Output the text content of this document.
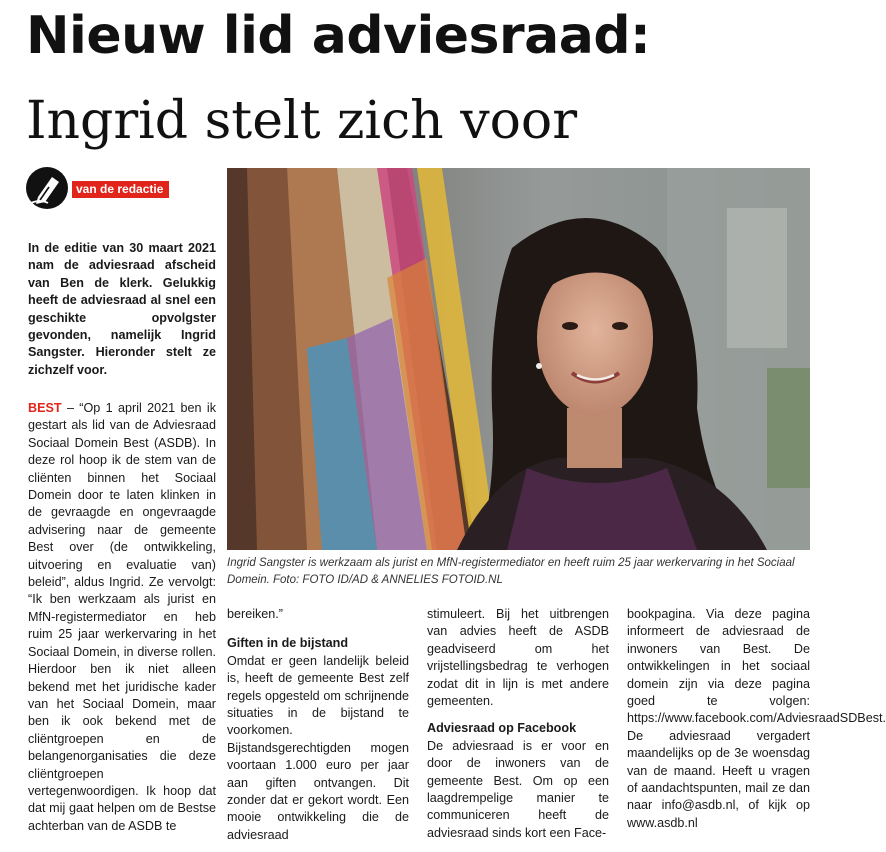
Nieuw lid adviesraad:
Ingrid stelt zich voor
van de redactie
Ingrid Sangster is werkzaam als jurist en MfN-registermediator en heeft ruim 25 jaar werkervaring in het Sociaal Domein. Foto: FOTO ID/AD & ANNELIES FOTOID.NL
In de editie van 30 maart 2021 nam de adviesraad afscheid van Ben de klerk. Gelukkig heeft de adviesraad al snel een geschikte opvolgster gevonden, namelijk Ingrid Sangster. Hieronder stelt ze zichzelf voor.

BEST – “Op 1 april 2021 ben ik gestart als lid van de Adviesraad Sociaal Domein Best (ASDB). In deze rol hoop ik de stem van de cliënten binnen het Sociaal Domein door te laten klinken in de gevraagde en ongevraagde advisering naar de gemeente Best over (de ontwikkeling, uitvoering en evaluatie van) beleid”, aldus Ingrid. Ze vervolgt: “Ik ben werkzaam als jurist en MfN-registermediator en heb ruim 25 jaar werkervaring in het Sociaal Domein, in diverse rollen. Hierdoor ben ik niet alleen bekend met het juridische kader van het Sociaal Domein, maar ben ik ook bekend met de cliëntgroepen en de belangenorganisaties die deze cliëntgroepen vertegenwoordigen. Ik hoop dat dat mij gaat helpen om de Bestse achterban van de ASDB te

bereiken.”

Giften in de bijstand

Omdat er geen landelijk beleid is, heeft de gemeente Best zelf regels opgesteld om schrijnende situaties in de bijstand te voorkomen. Bijstandsgerechtigden mogen voortaan 1.000 euro per jaar aan giften ontvangen. Dit zonder dat er gekort wordt. Een mooie ontwikkeling die de adviesraad

stimuleert. Bij het uitbrengen van advies heeft de ASDB geadviseerd om het vrijstellingsbedrag te verhogen zodat dit in lijn is met andere gemeenten.

Adviesraad op Facebook

De adviesraad is er voor en door de inwoners van de gemeente Best. Om op een laagdrempelige manier te communiceren heeft de adviesraad sinds kort een Face-

bookpagina. Via deze pagina informeert de adviesraad de inwoners van Best. De ontwikkelingen in het sociaal domein zijn via deze pagina goed te volgen: https://www.facebook.com/AdviesraadSDBest.

De adviesraad vergadert maandelijks op de 3e woensdag van de maand. Heeft u vragen of aandachtspunten, mail ze dan naar info@asdb.nl, of kijk op www.asdb.nl
